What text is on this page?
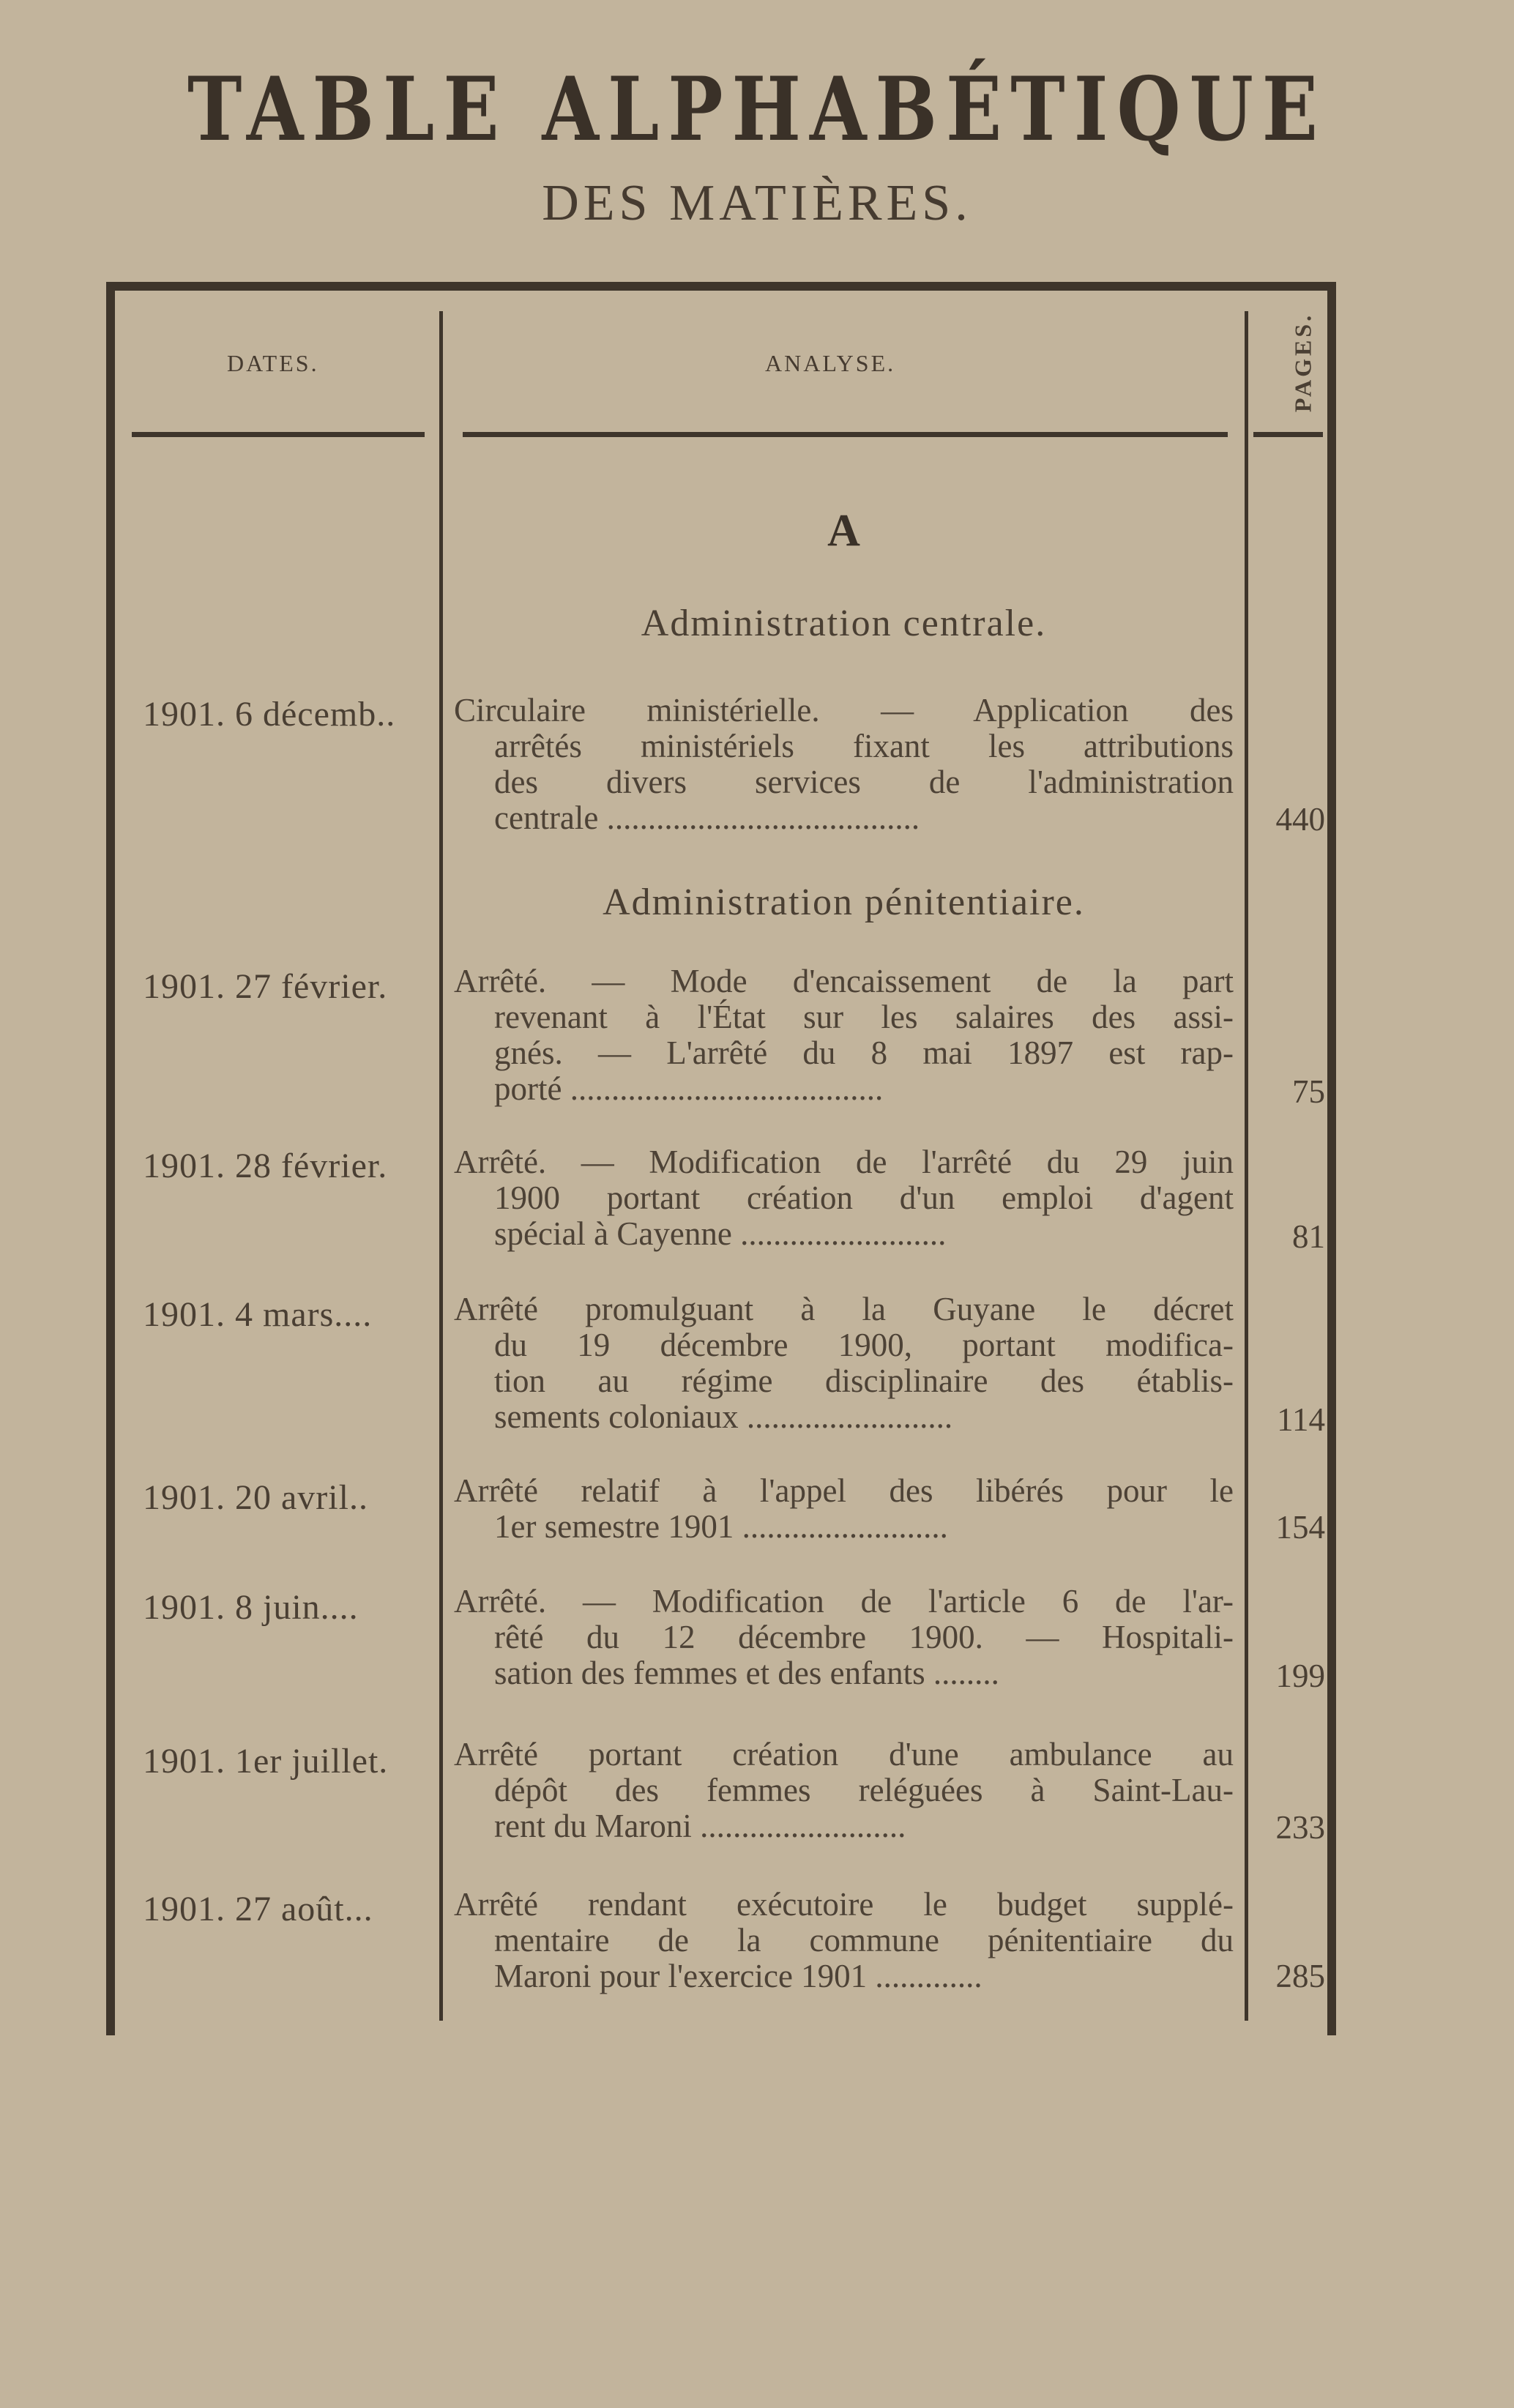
TABLE ALPHABÉTIQUE
DES MATIÈRES.
DATES.	ANALYSE.	PAGES.
A
Administration centrale.
Administration pénitentiaire.
1901. 6 décemb..	Circulaire ministérielle. — Application des
arrêtés ministériels fixant les attributions
des divers services de l'administration
centrale ......................................	440
1901. 27 février.	Arrêté. — Mode d'encaissement de la part
revenant à l'État sur les salaires des assi-
gnés. — L'arrêté du 8 mai 1897 est rap-
porté ......................................	75
1901. 28 février.	Arrêté. — Modification de l'arrêté du 29 juin
1900 portant création d'un emploi d'agent
spécial à Cayenne .........................	81
1901. 4 mars....	Arrêté promulguant à la Guyane le décret
du 19 décembre 1900, portant modifica-
tion au régime disciplinaire des établis-
sements coloniaux .........................	114
1901. 20 avril..	Arrêté relatif à l'appel des libérés pour le
1er semestre 1901 .........................	154
1901. 8 juin....	Arrêté. — Modification de l'article 6 de l'ar-
rêté du 12 décembre 1900. — Hospitali-
sation des femmes et des enfants ........	199
1901. 1er juillet.	Arrêté portant création d'une ambulance au
dépôt des femmes reléguées à Saint-Lau-
rent du Maroni .........................	233
1901. 27 août...	Arrêté rendant exécutoire le budget supplé-
mentaire de la commune pénitentiaire du
Maroni pour l'exercice 1901 .............	285
